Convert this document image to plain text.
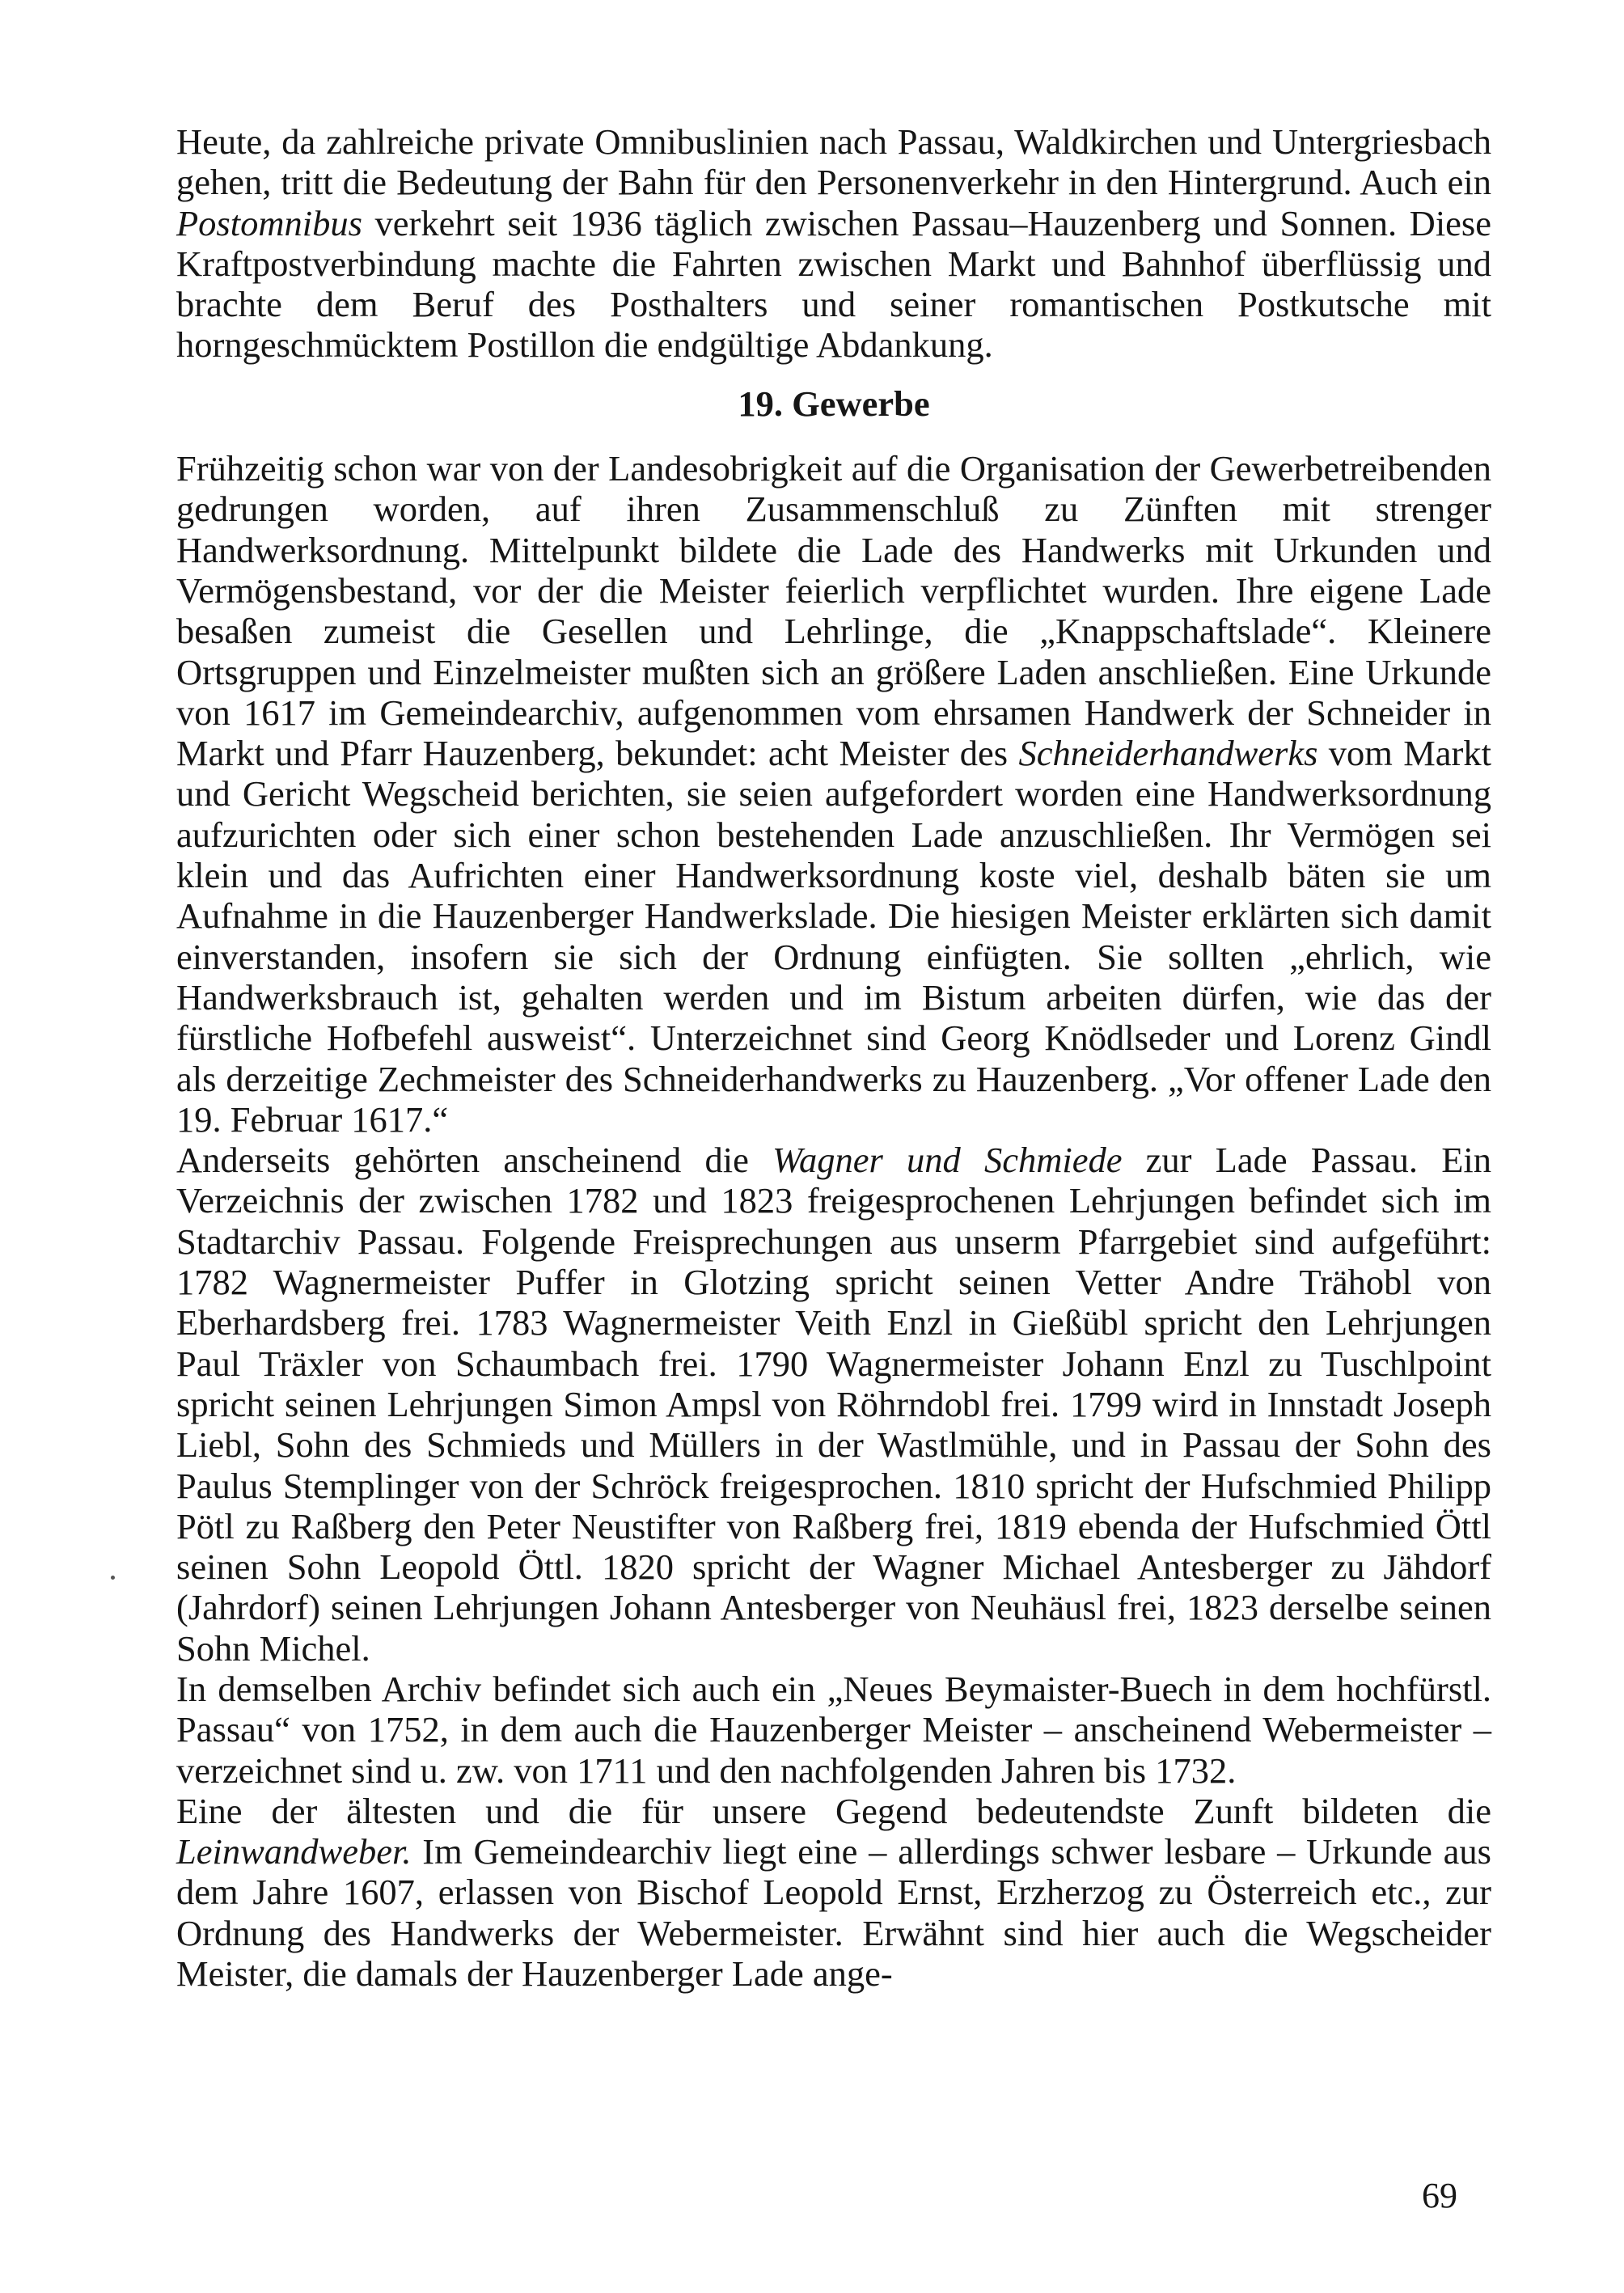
Heute, da zahlreiche private Omnibuslinien nach Passau, Waldkirchen und Untergriesbach gehen, tritt die Bedeutung der Bahn für den Personenverkehr in den Hintergrund. Auch ein Postomnibus verkehrt seit 1936 täglich zwischen Passau–Hauzenberg und Sonnen. Diese Kraftpostverbindung machte die Fahrten zwischen Markt und Bahnhof überflüssig und brachte dem Beruf des Posthalters und seiner romantischen Postkutsche mit horngeschmücktem Postillon die endgültige Abdankung.

19. Gewerbe

Frühzeitig schon war von der Landesobrigkeit auf die Organisation der Gewerbetreibenden gedrungen worden, auf ihren Zusammenschluß zu Zünften mit strenger Handwerksordnung. Mittelpunkt bildete die Lade des Handwerks mit Urkunden und Vermögensbestand, vor der die Meister feierlich verpflichtet wurden. Ihre eigene Lade besaßen zumeist die Gesellen und Lehrlinge, die „Knappschaftslade“. Kleinere Ortsgruppen und Einzelmeister mußten sich an größere Laden anschließen. Eine Urkunde von 1617 im Gemeindearchiv, aufgenommen vom ehrsamen Handwerk der Schneider in Markt und Pfarr Hauzenberg, bekundet: acht Meister des Schneiderhandwerks vom Markt und Gericht Wegscheid berichten, sie seien aufgefordert worden eine Handwerksordnung aufzurichten oder sich einer schon bestehenden Lade anzuschließen. Ihr Vermögen sei klein und das Aufrichten einer Handwerksordnung koste viel, deshalb bäten sie um Aufnahme in die Hauzenberger Handwerkslade. Die hiesigen Meister erklärten sich damit einverstanden, insofern sie sich der Ordnung einfügten. Sie sollten „ehrlich, wie Handwerksbrauch ist, gehalten werden und im Bistum arbeiten dürfen, wie das der fürstliche Hofbefehl ausweist“. Unterzeichnet sind Georg Knödlseder und Lorenz Gindl als derzeitige Zechmeister des Schneiderhandwerks zu Hauzenberg. „Vor offener Lade den 19. Februar 1617.“

Anderseits gehörten anscheinend die Wagner und Schmiede zur Lade Passau. Ein Verzeichnis der zwischen 1782 und 1823 freigesprochenen Lehrjungen befindet sich im Stadtarchiv Passau. Folgende Freisprechungen aus unserm Pfarrgebiet sind aufgeführt: 1782 Wagnermeister Puffer in Glotzing spricht seinen Vetter Andre Trähobl von Eberhardsberg frei. 1783 Wagnermeister Veith Enzl in Gießübl spricht den Lehrjungen Paul Träxler von Schaumbach frei. 1790 Wagnermeister Johann Enzl zu Tuschlpoint spricht seinen Lehrjungen Simon Ampsl von Röhrndobl frei. 1799 wird in Innstadt Joseph Liebl, Sohn des Schmieds und Müllers in der Wastlmühle, und in Passau der Sohn des Paulus Stemplinger von der Schröck freigesprochen. 1810 spricht der Hufschmied Philipp Pötl zu Raßberg den Peter Neustifter von Raßberg frei, 1819 ebenda der Hufschmied Öttl seinen Sohn Leopold Öttl. 1820 spricht der Wagner Michael Antesberger zu Jähdorf (Jahrdorf) seinen Lehrjungen Johann Antesberger von Neuhäusl frei, 1823 derselbe seinen Sohn Michel.

In demselben Archiv befindet sich auch ein „Neues Beymaister-Buech in dem hochfürstl. Passau“ von 1752, in dem auch die Hauzenberger Meister – anscheinend Webermeister – verzeichnet sind u. zw. von 1711 und den nachfolgenden Jahren bis 1732.

Eine der ältesten und die für unsere Gegend bedeutendste Zunft bildeten die Leinwandweber. Im Gemeindearchiv liegt eine – allerdings schwer lesbare – Urkunde aus dem Jahre 1607, erlassen von Bischof Leopold Ernst, Erzherzog zu Österreich etc., zur Ordnung des Handwerks der Webermeister. Erwähnt sind hier auch die Wegscheider Meister, die damals der Hauzenberger Lade ange-

69
